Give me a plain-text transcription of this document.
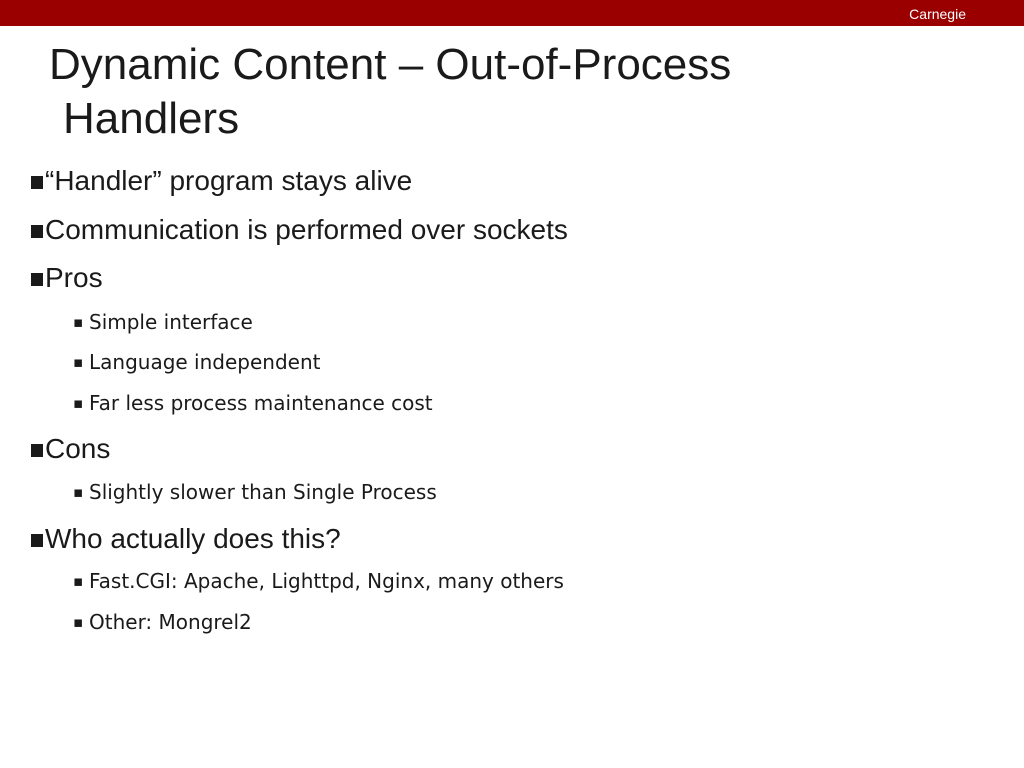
Carnegie
Dynamic Content – Out-of-Process
Handlers
“Handler” program stays alive
Communication is performed over sockets
Pros
▪ Simple interface
▪ Language independent
▪ Far less process maintenance cost
Cons
▪ Slightly slower than Single Process
Who actually does this?
▪ Fast.CGI: Apache, Lighttpd, Nginx, many others
▪ Other: Mongrel2
